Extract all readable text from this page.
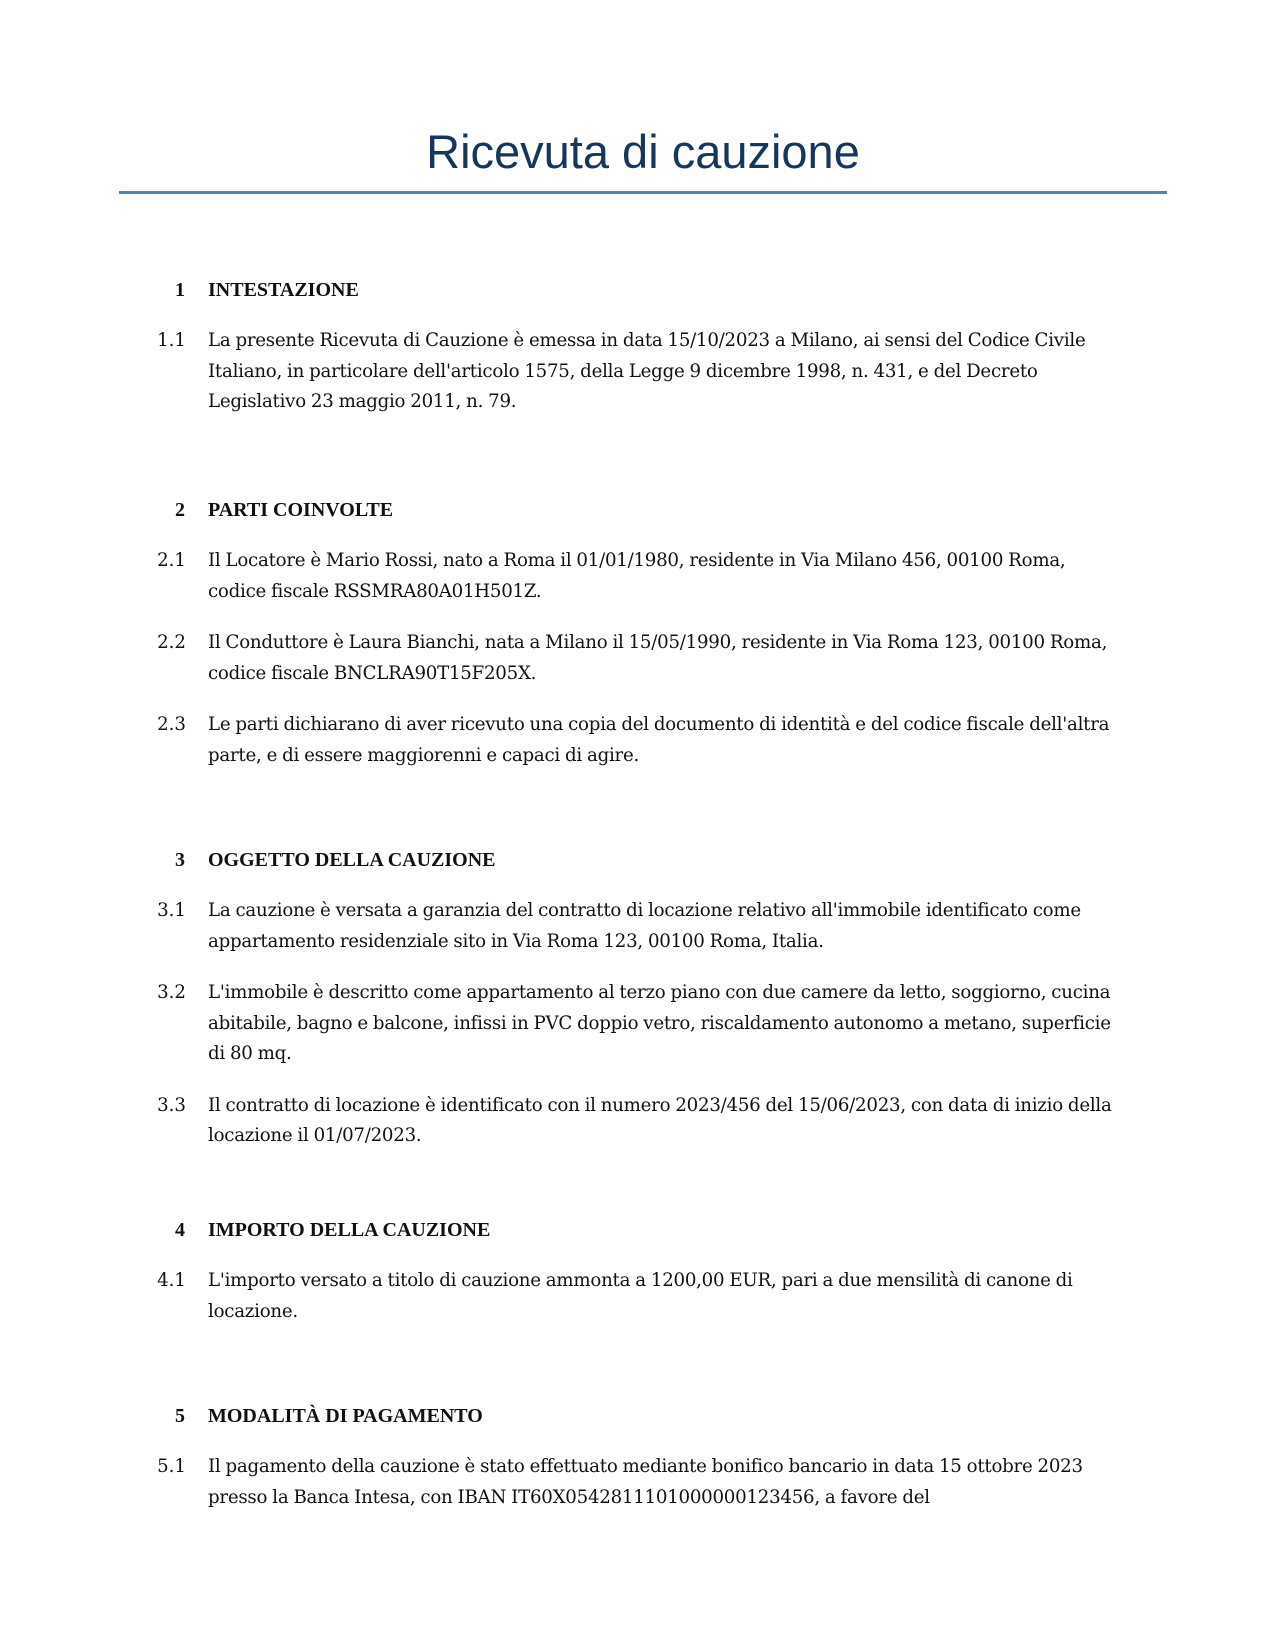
Ricevuta di cauzione
1 INTESTAZIONE
1.1 La presente Ricevuta di Cauzione è emessa in data 15/10/2023 a Milano, ai sensi del Codice Civile Italiano, in particolare dell'articolo 1575, della Legge 9 dicembre 1998, n. 431, e del Decreto Legislativo 23 maggio 2011, n. 79.
2 PARTI COINVOLTE
2.1 Il Locatore è Mario Rossi, nato a Roma il 01/01/1980, residente in Via Milano 456, 00100 Roma, codice fiscale RSSMRA80A01H501Z.
2.2 Il Conduttore è Laura Bianchi, nata a Milano il 15/05/1990, residente in Via Roma 123, 00100 Roma, codice fiscale BNCLRA90T15F205X.
2.3 Le parti dichiarano di aver ricevuto una copia del documento di identità e del codice fiscale dell'altra parte, e di essere maggiorenni e capaci di agire.
3 OGGETTO DELLA CAUZIONE
3.1 La cauzione è versata a garanzia del contratto di locazione relativo all'immobile identificato come appartamento residenziale sito in Via Roma 123, 00100 Roma, Italia.
3.2 L'immobile è descritto come appartamento al terzo piano con due camere da letto, soggiorno, cucina abitabile, bagno e balcone, infissi in PVC doppio vetro, riscaldamento autonomo a metano, superficie di 80 mq.
3.3 Il contratto di locazione è identificato con il numero 2023/456 del 15/06/2023, con data di inizio della locazione il 01/07/2023.
4 IMPORTO DELLA CAUZIONE
4.1 L'importo versato a titolo di cauzione ammonta a 1200,00 EUR, pari a due mensilità di canone di locazione.
5 MODALITÀ DI PAGAMENTO
5.1 Il pagamento della cauzione è stato effettuato mediante bonifico bancario in data 15 ottobre 2023 presso la Banca Intesa, con IBAN IT60X0542811101000000123456, a favore del
